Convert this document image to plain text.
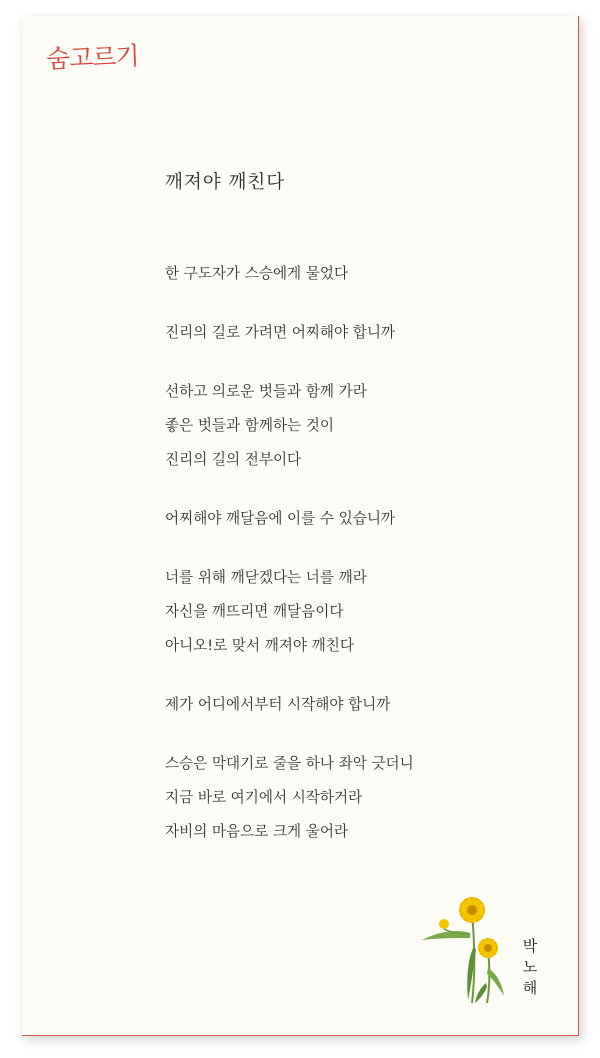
숨고르기
깨져야 깨친다
한 구도자가 스승에게 물었다
진리의 길로 가려면 어찌해야 합니까
선하고 의로운 벗들과 함께 가라
좋은 벗들과 함께하는 것이
진리의 길의 전부이다
어찌해야 깨달음에 이를 수 있습니까
너를 위해 깨닫겠다는 너를 깨라
자신을 깨뜨리면 깨달음이다
아니오!로 맞서 깨져야 깨친다
제가 어디에서부터 시작해야 합니까
스승은 막대기로 줄을 하나 좌악 긋더니
지금 바로 여기에서 시작하거라
자비의 마음으로 크게 울어라
박
노
해
